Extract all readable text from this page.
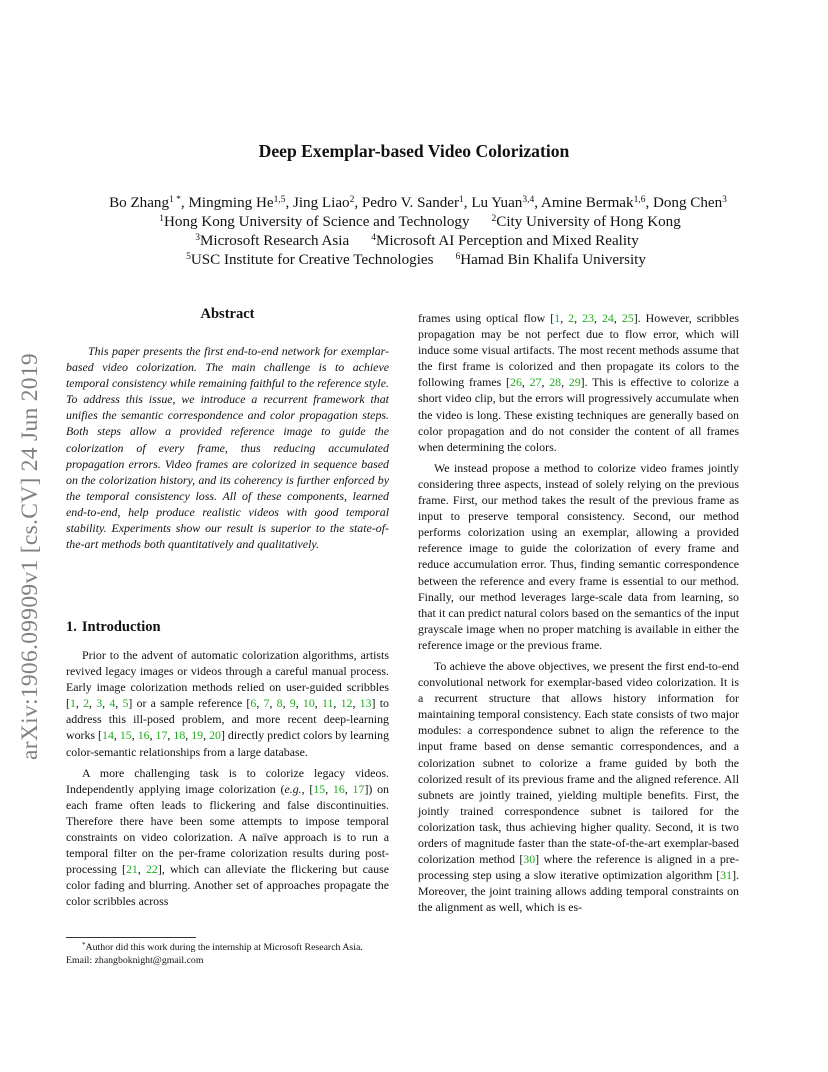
arXiv:1906.09909v1 [cs.CV] 24 Jun 2019
Deep Exemplar-based Video Colorization
Bo Zhang$^{1 *}$, Mingming He$^{1,5}$, Jing Liao$^2$, Pedro V. Sander$^1$, Lu Yuan$^{3,4}$, Amine Bermak$^{1,6}$, Dong Chen$^3$
$^1$Hong Kong University of Science and Technology $^2$City University of Hong Kong
$^3$Microsoft Research Asia $^4$Microsoft AI Perception and Mixed Reality
$^5$USC Institute for Creative Technologies $^6$Hamad Bin Khalifa University
Abstract
This paper presents the first end-to-end network for exemplar-based video colorization. The main challenge is to achieve temporal consistency while remaining faithful to the reference style. To address this issue, we introduce a recurrent framework that unifies the semantic correspondence and color propagation steps. Both steps allow a provided reference image to guide the colorization of every frame, thus reducing accumulated propagation errors. Video frames are colorized in sequence based on the colorization history, and its coherency is further enforced by the temporal consistency loss. All of these components, learned end-to-end, help produce realistic videos with good temporal stability. Experiments show our result is superior to the state-of-the-art methods both quantitatively and qualitatively.
1. Introduction

Prior to the advent of automatic colorization algorithms, artists revived legacy images or videos through a careful manual process. Early image colorization methods relied on user-guided scribbles [1, 2, 3, 4, 5] or a sample reference [6, 7, 8, 9, 10, 11, 12, 13] to address this ill-posed problem, and more recent deep-learning works [14, 15, 16, 17, 18, 19, 20] directly predict colors by learning color-semantic relationships from a large database.

A more challenging task is to colorize legacy videos. Independently applying image colorization (e.g., [15, 16, 17]) on each frame often leads to flickering and false discontinuities. Therefore there have been some attempts to impose temporal constraints on video colorization. A naïve approach is to run a temporal filter on the per-frame colorization results during post-processing [21, 22], which can alleviate the flickering but cause color fading and blurring. Another set of approaches propagate the color scribbles across

frames using optical flow [1, 2, 23, 24, 25]. However, scribbles propagation may be not perfect due to flow error, which will induce some visual artifacts. The most recent methods assume that the first frame is colorized and then propagate its colors to the following frames [26, 27, 28, 29]. This is effective to colorize a short video clip, but the errors will progressively accumulate when the video is long. These existing techniques are generally based on color propagation and do not consider the content of all frames when determining the colors.

We instead propose a method to colorize video frames jointly considering three aspects, instead of solely relying on the previous frame. First, our method takes the result of the previous frame as input to preserve temporal consistency. Second, our method performs colorization using an exemplar, allowing a provided reference image to guide the colorization of every frame and reduce accumulation error. Thus, finding semantic correspondence between the reference and every frame is essential to our method. Finally, our method leverages large-scale data from learning, so that it can predict natural colors based on the semantics of the input grayscale image when no proper matching is available in either the reference image or the previous frame.

To achieve the above objectives, we present the first end-to-end convolutional network for exemplar-based video colorization. It is a recurrent structure that allows history information for maintaining temporal consistency. Each state consists of two major modules: a correspondence subnet to align the reference to the input frame based on dense semantic correspondences, and a colorization subnet to colorize a frame guided by both the colorized result of its previous frame and the aligned reference. All subnets are jointly trained, yielding multiple benefits. First, the jointly trained correspondence subnet is tailored for the colorization task, thus achieving higher quality. Second, it is two orders of magnitude faster than the state-of-the-art exemplar-based colorization method [30] where the reference is aligned in a pre-processing step using a slow iterative optimization algorithm [31]. Moreover, the joint training allows adding temporal constraints on the alignment as well, which is es-

*Author did this work during the internship at Microsoft Research Asia.
Email: zhangboknight@gmail.com
